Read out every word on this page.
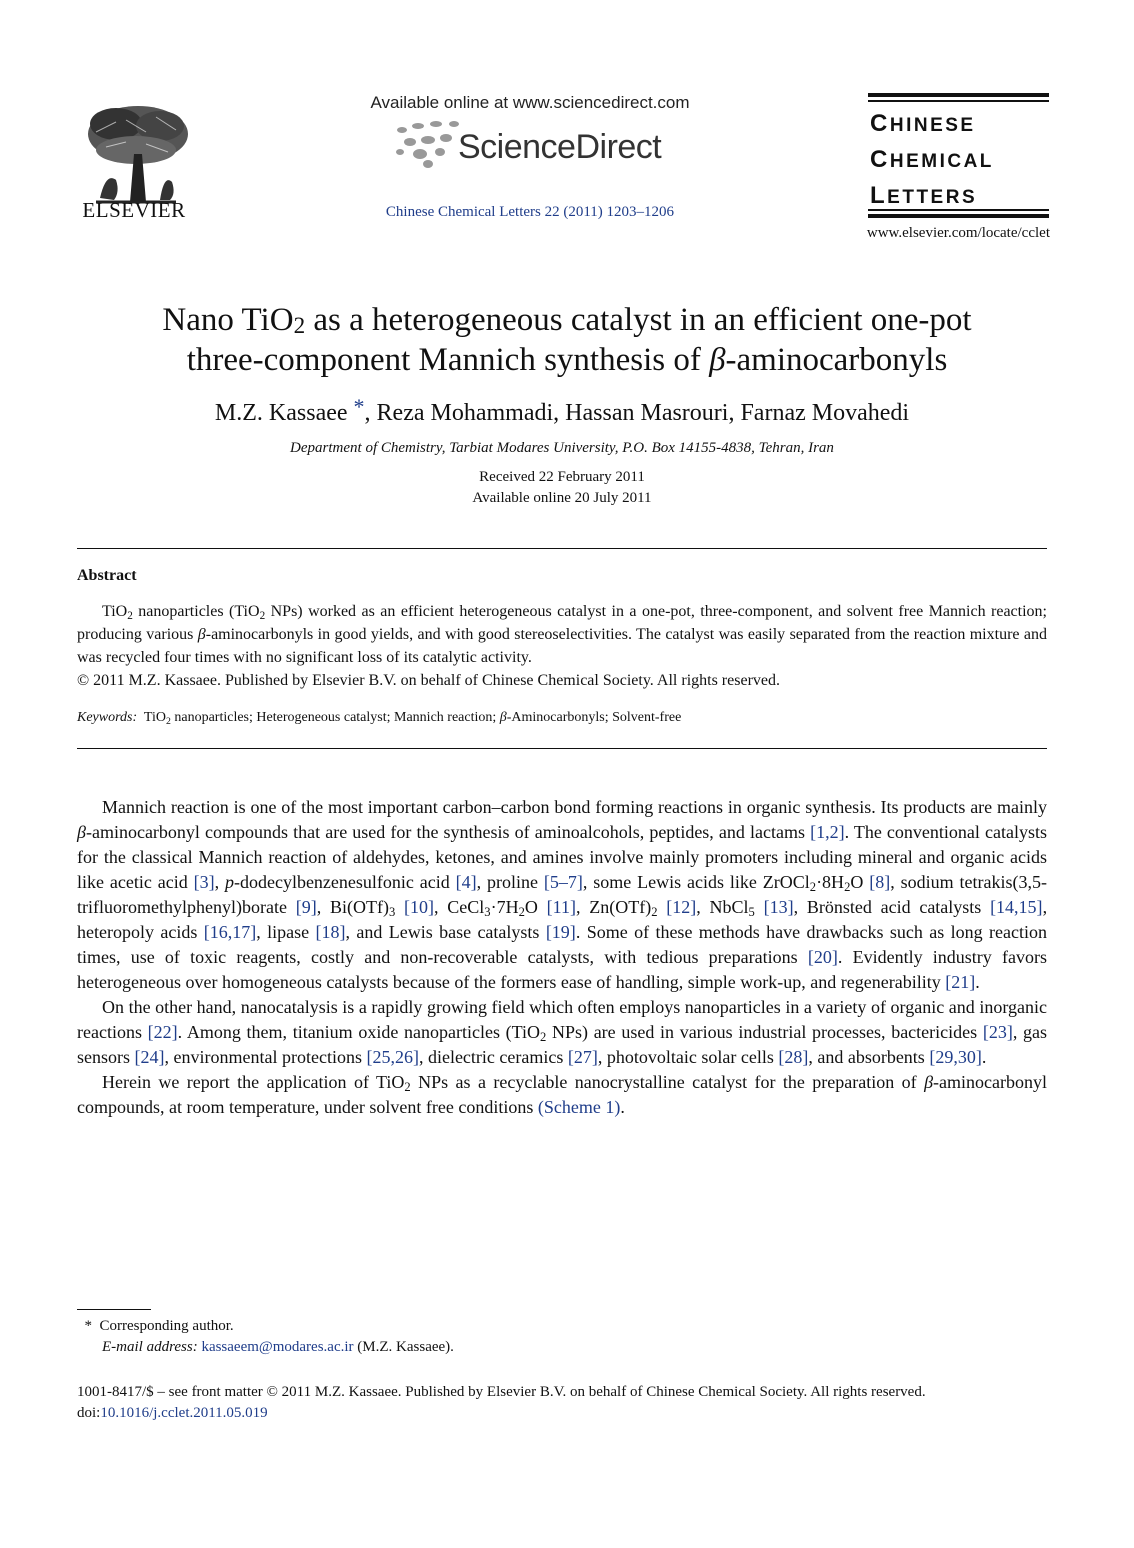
ELSEVIER
Available online at www.sciencedirect.com
ScienceDirect
Chinese Chemical Letters 22 (2011) 1203–1206
CHINESE
CHEMICAL
LETTERS
www.elsevier.com/locate/cclet
Nano TiO$_2$ as a heterogeneous catalyst in an efficient one-pot
three-component Mannich synthesis of β-aminocarbonyls
M.Z. Kassaee *, Reza Mohammadi, Hassan Masrouri, Farnaz Movahedi
Department of Chemistry, Tarbiat Modares University, P.O. Box 14155-4838, Tehran, Iran
Received 22 February 2011
Available online 20 July 2011
Abstract

TiO$_2$ nanoparticles (TiO$_2$ NPs) worked as an efficient heterogeneous catalyst in a one-pot, three-component, and solvent free Mannich reaction; producing various β-aminocarbonyls in good yields, and with good stereoselectivities. The catalyst was easily separated from the reaction mixture and was recycled four times with no significant loss of its catalytic activity.

© 2011 M.Z. Kassaee. Published by Elsevier B.V. on behalf of Chinese Chemical Society. All rights reserved.
Keywords: TiO$_2$ nanoparticles; Heterogeneous catalyst; Mannich reaction; β-Aminocarbonyls; Solvent-free

Mannich reaction is one of the most important carbon–carbon bond forming reactions in organic synthesis. Its products are mainly β-aminocarbonyl compounds that are used for the synthesis of aminoalcohols, peptides, and lactams [1,2]. The conventional catalysts for the classical Mannich reaction of aldehydes, ketones, and amines involve mainly promoters including mineral and organic acids like acetic acid [3], p-dodecylbenzenesulfonic acid [4], proline [5–7], some Lewis acids like $ZrOCl_2\cdot 8H_2O$ [8], sodium tetrakis(3,5-trifluoromethylphenyl)borate [9], $Bi(OTf)_3$ [10], $CeCl_3\cdot 7H_2O$ [11], $Zn(OTf)_2$ [12], NbCl$_5$ [13], Brönsted acid catalysts [14,15], heteropoly acids [16,17], lipase [18], and Lewis base catalysts [19]. Some of these methods have drawbacks such as long reaction times, use of toxic reagents, costly and non-recoverable catalysts, with tedious preparations [20]. Evidently industry favors heterogeneous over homogeneous catalysts because of the formers ease of handling, simple work-up, and regenerability [21].

On the other hand, nanocatalysis is a rapidly growing field which often employs nanoparticles in a variety of organic and inorganic reactions [22]. Among them, titanium oxide nanoparticles (TiO$_2$ NPs) are used in various industrial processes, bactericides [23], gas sensors [24], environmental protections [25,26], dielectric ceramics [27], photovoltaic solar cells [28], and absorbents [29,30].

Herein we report the application of TiO$_2$ NPs as a recyclable nanocrystalline catalyst for the preparation of β-aminocarbonyl compounds, at room temperature, under solvent free conditions (Scheme 1).

* Corresponding author.
E-mail address: kassaeem@modares.ac.ir (M.Z. Kassaee).
1001-8417/$ – see front matter © 2011 M.Z. Kassaee. Published by Elsevier B.V. on behalf of Chinese Chemical Society. All rights reserved.
doi:10.1016/j.cclet.2011.05.019
